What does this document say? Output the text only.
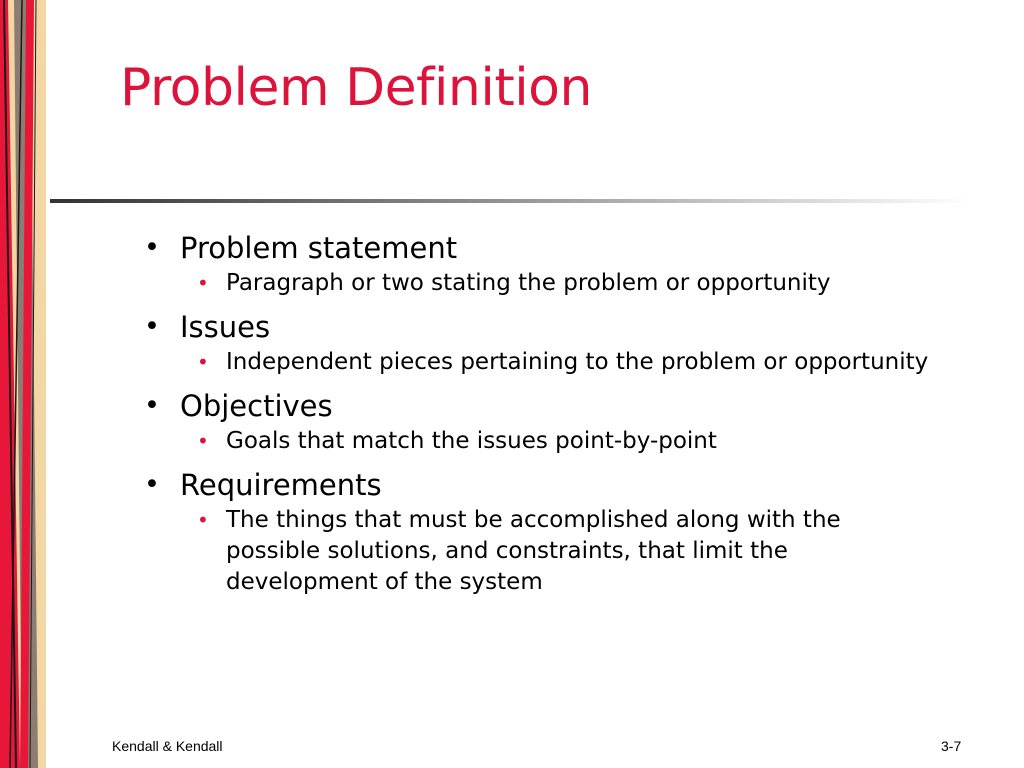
Problem Definition
• Problem statement
• Paragraph or two stating the problem or opportunity
• Issues
• Independent pieces pertaining to the problem or opportunity
• Objectives
• Goals that match the issues point-by-point
• Requirements
• The things that must be accomplished along with the possible solutions, and constraints, that limit the development of the system
Kendall & Kendall	3-7
